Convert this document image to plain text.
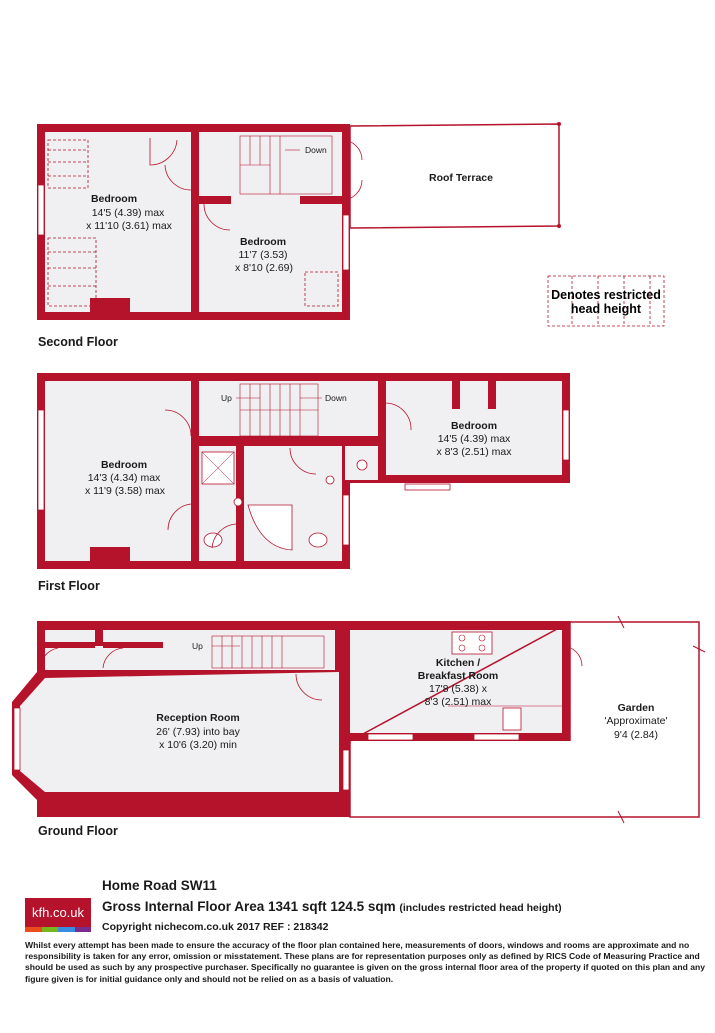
Down
Bedroom
14'5 (4.39) max
x 11'10 (3.61) max
Bedroom
11'7 (3.53)
x 8'10 (2.69)
Roof Terrace
Denotes restricted
head height
Up	Down
Bedroom
14'3 (4.34) max
x 11'9 (3.58) max
Bedroom
14'5 (4.39) max
x 8'3 (2.51) max
Up
Reception Room
26' (7.93) into bay
x 10'6 (3.20) min
Kitchen /
Breakfast Room
17'8 (5.38) x
8'3 (2.51) max	Garden
'Approximate'
9'4 (2.84)
Second Floor
First Floor
Ground Floor
kfh.co.uk
Home Road SW11
Gross Internal Floor Area 1341 sqft 124.5 sqm (includes restricted head height)
Copyright nichecom.co.uk 2017 REF : 218342
Whilst every attempt has been made to ensure the accuracy of the floor plan contained here, measurements of doors, windows and rooms are approximate and no responsibility is taken for any error, omission or misstatement. These plans are for representation purposes only as defined by RICS Code of Measuring Practice and should be used as such by any prospective purchaser. Specifically no guarantee is given on the gross internal floor area of the property if quoted on this plan and any figure given is for initial guidance only and should not be relied on as a basis of valuation.
